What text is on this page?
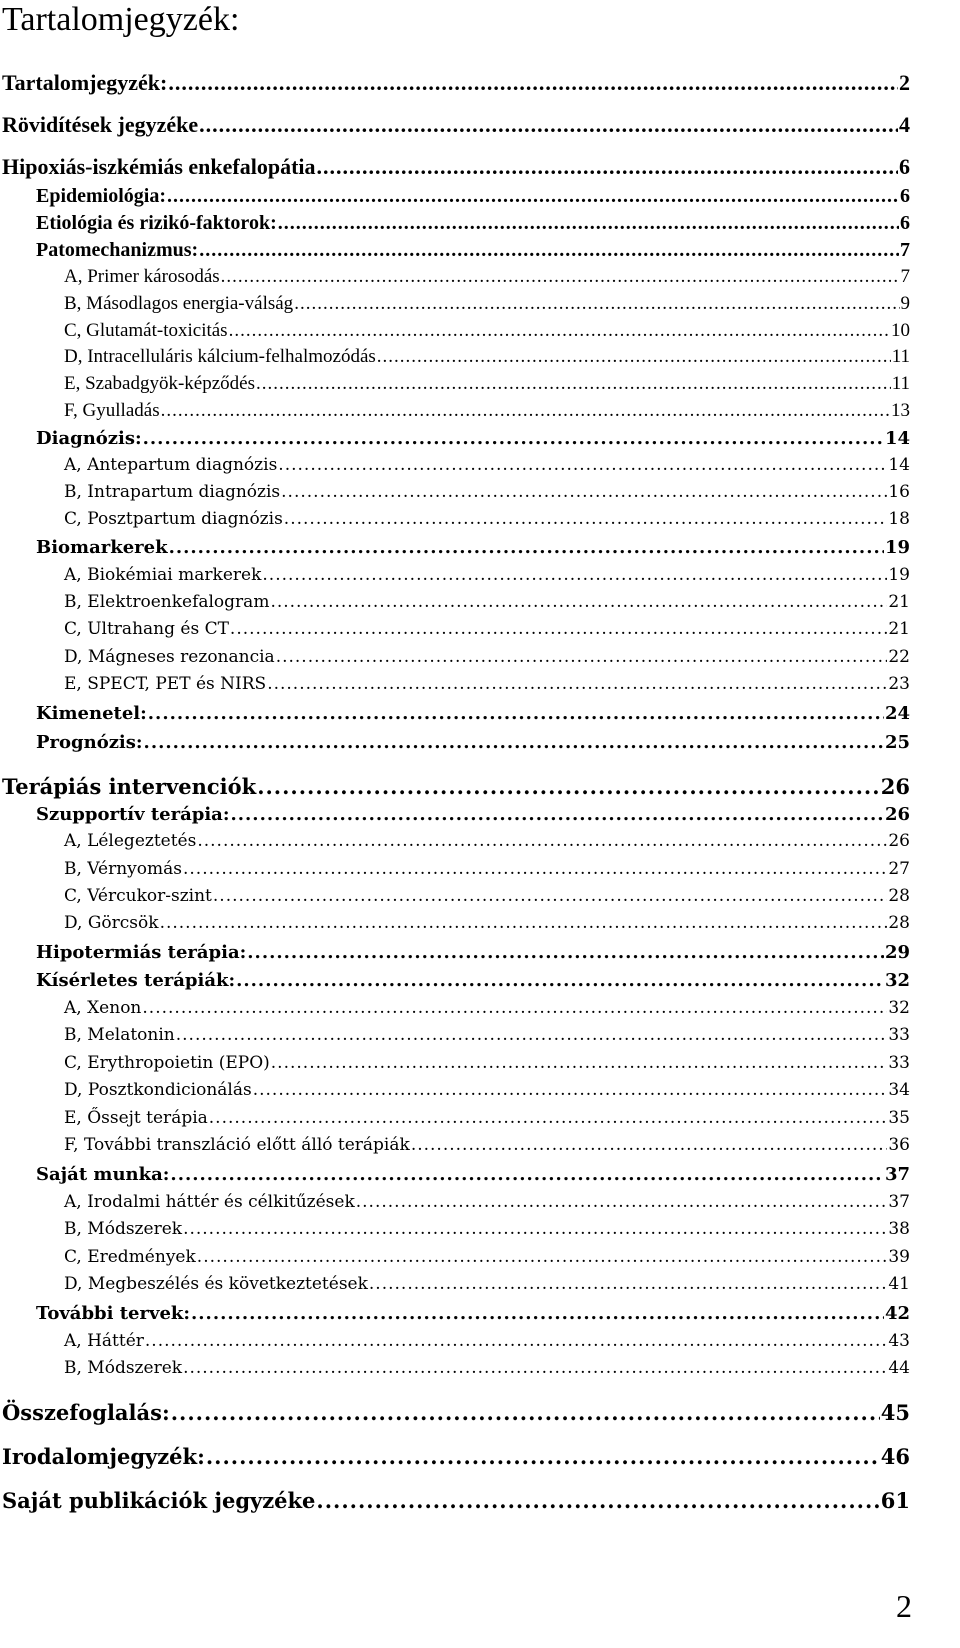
Tartalomjegyzék:
Tartalomjegyzék: .....	2
Rövidítések jegyzéke .....	4
Hipoxiás-iszkémiás enkefalopátia .....	6
Epidemiológia: .....	6
Etiológia és rizikó-faktorok: .....	6
Patomechanizmus: .....	7
A, Primer károsodás .....	7
B, Másodlagos energia-válság .....	9
C, Glutamát-toxicitás .....	10
D, Intracelluláris kálcium-felhalmozódás .....	11
E, Szabadgyök-képződés .....	11
F, Gyulladás .....	13
Diagnózis: .....	14
A, Antepartum diagnózis .....	14
B, Intrapartum diagnózis .....	16
C, Posztpartum diagnózis .....	18
Biomarkerek .....	19
A, Biokémiai markerek .....	19
B, Elektroenkefalogram .....	21
C, Ultrahang és CT .....	21
D, Mágneses rezonancia .....	22
E, SPECT, PET és NIRS .....	23
Kimenetel: .....	24
Prognózis: .....	25
Terápiás intervenciók .....	26
Szupportív terápia: .....	26
A, Lélegeztetés .....	26
B, Vérnyomás .....	27
C, Vércukor-szint .....	28
D, Görcsök .....	28
Hipotermiás terápia: .....	29
Kísérletes terápiák: .....	32
A, Xenon .....	32
B, Melatonin .....	33
C, Erythropoietin (EPO) .....	33
D, Posztkondicionálás .....	34
E, Őssejt terápia .....	35
F, További transzláció előtt álló terápiák .....	36
Saját munka: .....	37
A, Irodalmi háttér és célkitűzések .....	37
B, Módszerek .....	38
C, Eredmények .....	39
D, Megbeszélés és következtetések .....	41
További tervek: .....	42
A, Háttér .....	43
B, Módszerek .....	44
Összefoglalás: .....	45
Irodalomjegyzék: .....	46
Saját publikációk jegyzéke .....	61
2
